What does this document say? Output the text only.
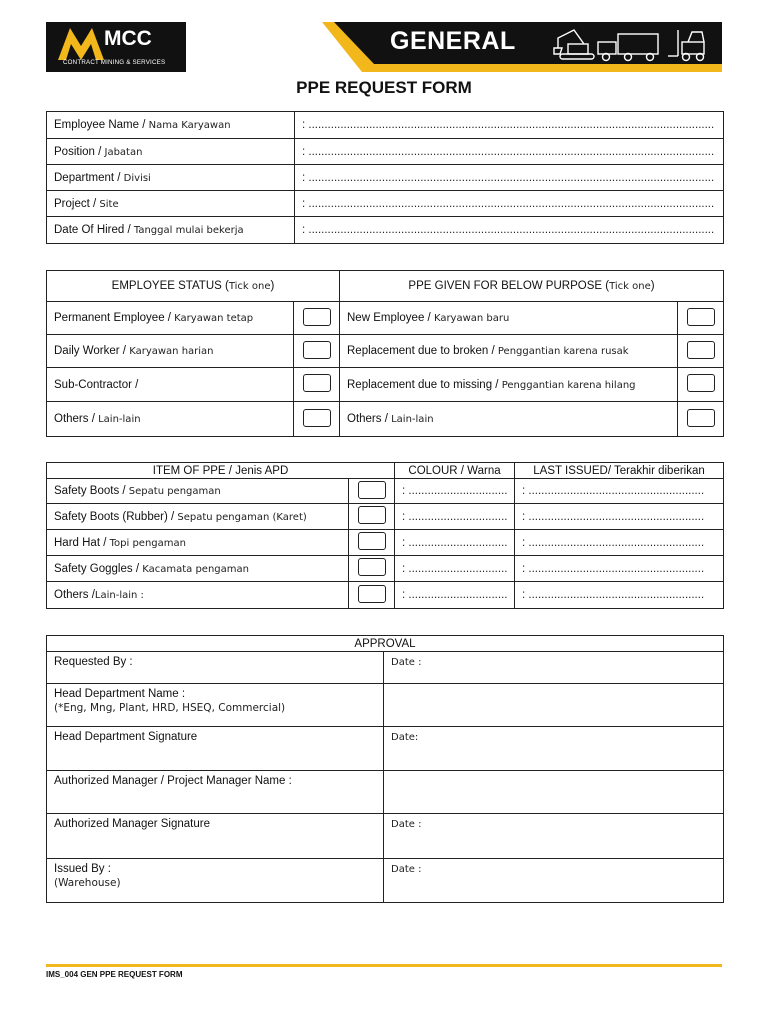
MCC
CONTRACT MINING & SERVICES
GENERAL
PPE REQUEST FORM
Employee Name / Nama Karyawan	: ...............................................................................................................................
Position / Jabatan	: ...............................................................................................................................
Department / Divisi	: ...............................................................................................................................
Project / Site	: ...............................................................................................................................
Date Of Hired / Tanggal mulai bekerja	: ...............................................................................................................................
EMPLOYEE STATUS (Tick one)		PPE GIVEN FOR BELOW PURPOSE (Tick one)	
Permanent Employee / Karyawan tetap		New Employee / Karyawan baru	
Daily Worker / Karyawan harian		Replacement due to broken / Penggantian karena rusak	
Sub-Contractor /		Replacement due to missing / Penggantian karena hilang	
Others / Lain-lain		Others / Lain-lain	
ITEM OF PPE / Jenis APD		COLOUR / Warna	LAST ISSUED/ Terakhir diberikan
Safety Boots / Sepatu pengaman		: ...............................	: .......................................................
Safety Boots (Rubber) / Sepatu pengaman (Karet)		: ...............................	: .......................................................
Hard Hat / Topi pengaman		: ...............................	: .......................................................
Safety Goggles / Kacamata pengaman		: ...............................	: .......................................................
Others /Lain-lain :		: ...............................	: .......................................................
APPROVAL	
Requested By :	Date :

Head Department Name :
(*Eng, Mng, Plant, HRD, HSEQ, Commercial)	

Head Department Signature	Date:
Authorized Manager / Project Manager Name :	
Authorized Manager Signature	Date :

Issued By :
(Warehouse)	Date :
IMS_004 GEN PPE REQUEST FORM
